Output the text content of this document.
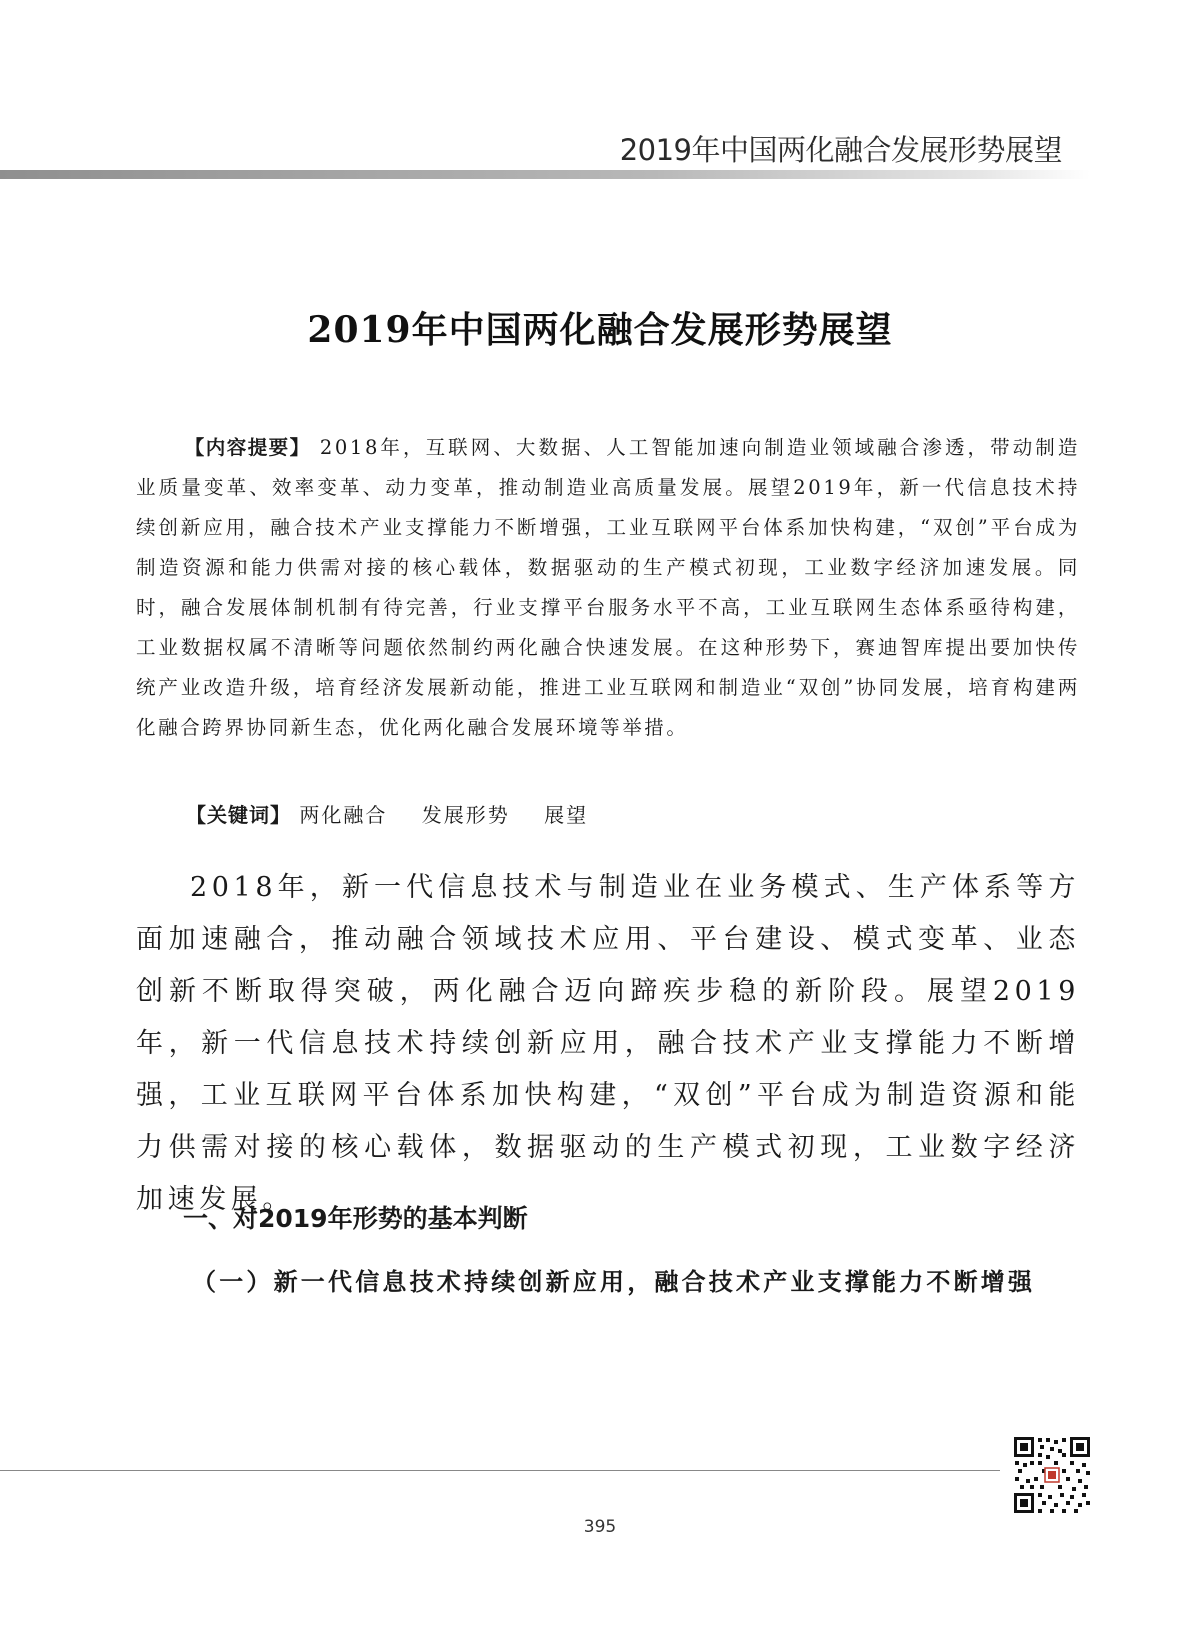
2019年中国两化融合发展形势展望
2019年中国两化融合发展形势展望

【内容提要】 2018年，互联网、大数据、人工智能加速向制造业领域融合渗透，带动制造业质量变革、效率变革、动力变革，推动制造业高质量发展。展望2019年，新一代信息技术持续创新应用，融合技术产业支撑能力不断增强，工业互联网平台体系加快构建，“双创”平台成为制造资源和能力供需对接的核心载体，数据驱动的生产模式初现，工业数字经济加速发展。同时，融合发展体制机制有待完善，行业支撑平台服务水平不高，工业互联网生态体系亟待构建，工业数据权属不清晰等问题依然制约两化融合快速发展。在这种形势下，赛迪智库提出要加快传统产业改造升级，培育经济发展新动能，推进工业互联网和制造业“双创”协同发展，培育构建两化融合跨界协同新生态，优化两化融合发展环境等举措。

【关键词】 两化融合 发展形势 展望

2018年，新一代信息技术与制造业在业务模式、生产体系等方面加速融合，推动融合领域技术应用、平台建设、模式变革、业态创新不断取得突破，两化融合迈向蹄疾步稳的新阶段。展望2019年，新一代信息技术持续创新应用，融合技术产业支撑能力不断增强，工业互联网平台体系加快构建，“双创”平台成为制造资源和能力供需对接的核心载体，数据驱动的生产模式初现，工业数字经济加速发展。

一、对2019年形势的基本判断
（一）新一代信息技术持续创新应用，融合技术产业支撑能力不断增强
395
